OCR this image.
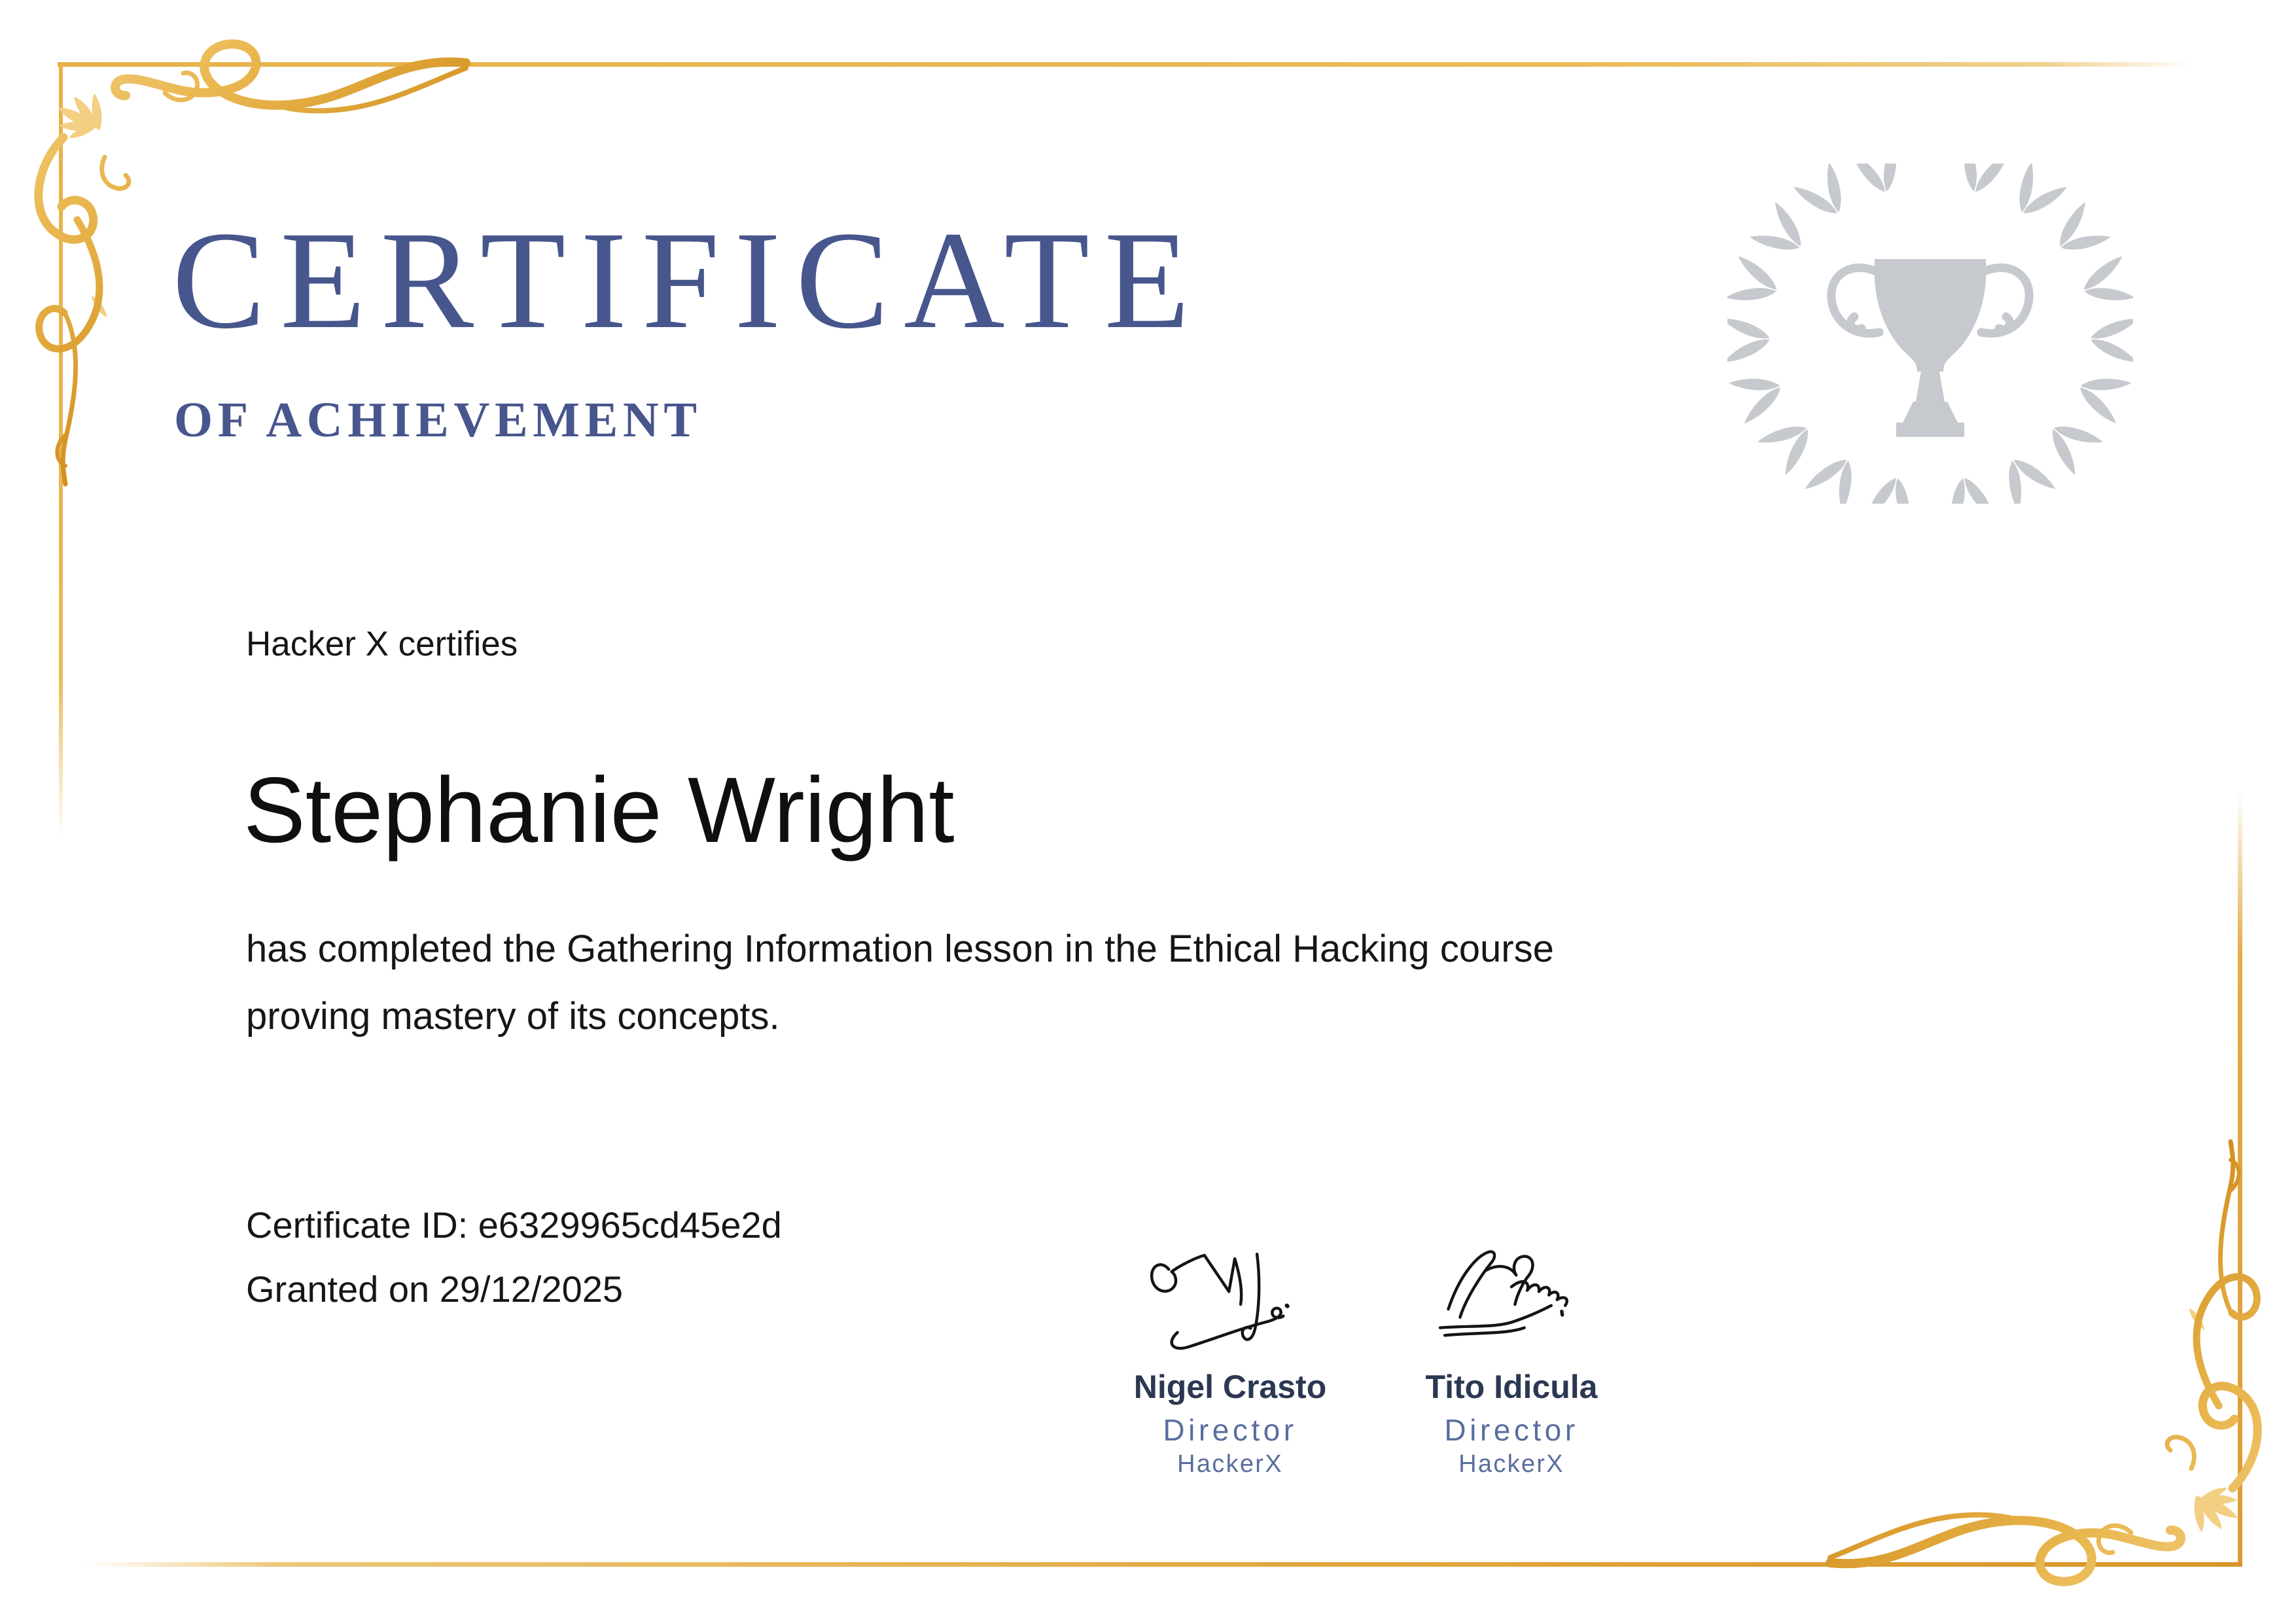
CERTIFICATE
OF ACHIEVEMENT
Hacker X certifies
Stephanie Wright
has completed the Gathering Information lesson in the Ethical Hacking course
proving mastery of its concepts.
Certificate ID: e6329965cd45e2d
Granted on 29/12/2025
Nigel Crasto
Director
HackerX
Tito Idicula
Director
HackerX
